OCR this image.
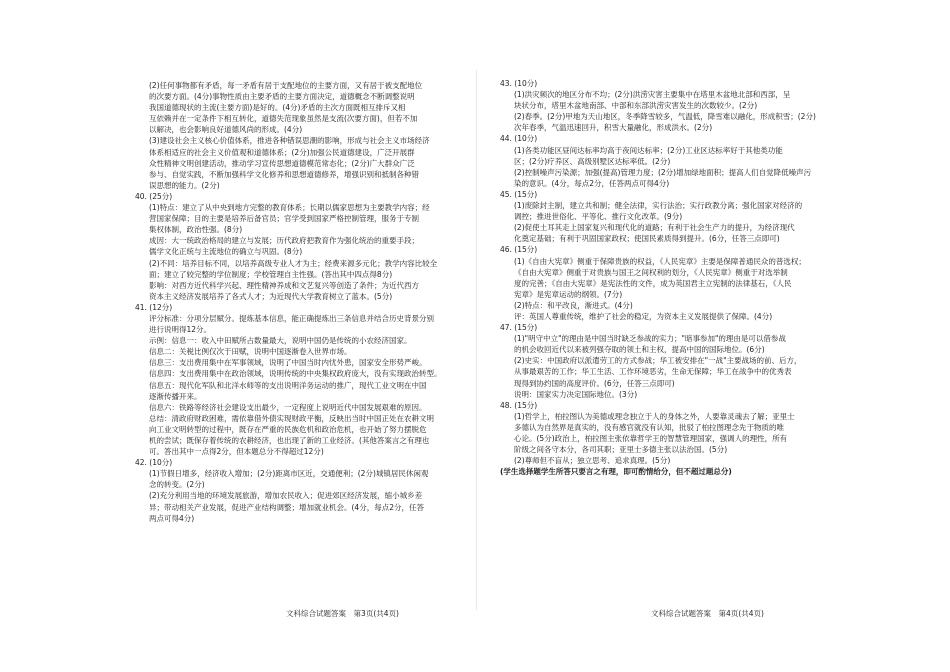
(2)任何事物都有矛盾，每一矛盾有居于支配地位的主要方面，又有居于被支配地位
的次要方面。(4分)事物性质由主要矛盾的主要方面决定，道德概念不断调整说明
我国道德现状的主流(主要方面)是好的。(4分)矛盾的主次方面既相互排斥又相
互依赖并在一定条件下相互转化，道德失范现象虽然是支流(次要方面)，但若不加
以解决，也会影响良好道德风尚的形成。(4分)
(3)建设社会主义核心价值体系，推进各种错误思潮的影响，形成与社会主义市场经济
体系相适应的社会主义价值观和道德体系；(2分)加强公民道德建设，广泛开展群
众性精神文明创建活动，推动学习宣传思想道德模范常态化；(2分)广大群众广泛
参与、自觉实践，不断加强科学文化修养和思想道德修养，增强识别和抵制各种错
误思想的能力。(2分)
40. (25分)
(1)特点：建立了从中央到地方完整的教育体系；长期以儒家思想为主要教学内容；经
营国家保障；目的主要是培养后备官员；官学受到国家严格控制管理，服务于专制
集权体制，政治性强。(8分)
成因：大一统政治格局的建立与发展；历代政府把教育作为强化统治的重要手段；
儒学文化正统与主流地位的确立与巩固。(8分)
(2)不同：培养目标不同，以培养高级专业人才为主；经费来源多元化；教学内容比较全
面；建立了较完整的学位制度；学校管理自主性强。(答出其中四点得8分)
影响：对西方近代科学兴起、理性精神养成和文艺复兴等创造了条件；为近代西方
资本主义经济发展培养了各式人才；为近现代大学教育树立了蓝本。(5分)
41. (12分)
评分标准：分项分层赋分。提炼基本信息，能正确提炼出三条信息并结合历史背景分别
进行说明得12分。
示例：信息一：收入中田赋所占数量最大，说明中国仍是传统的小农经济国家。
信息二：关税比例仅次于田赋，说明中国逐渐卷入世界市场。
信息三：支出费用集中在军事领域，说明了中国当时内忧外患，国家安全形势严峻。
信息四：支出费用集中在政治领域，说明传统的中央集权政府庞大，没有实现政治转型。
信息五：现代化军队和北洋水师等的支出说明洋务运动的推广，现代工业文明在中国
逐渐传播开来。
信息六：铁路等经济社会建设支出最少，一定程度上说明近代中国发展艰难的原因。
总结：清政府财政困难，需依靠借外债实现财政平衡，反映出当时中国正处在农耕文明
向工业文明转型的过程中，既存在严重的民族危机和政治危机，也开始了努力摆脱危
机的尝试；既保存着传统的农耕经济，也出现了新的工业经济。(其他答案言之有理也
可。答出其中一点得2分，但本题总分不得超过12分)
42. (10分)
(1)节假日增多，经济收入增加；(2分)距离市区近，交通便利；(2分)城镇居民休闲观
念的转变。(2分)
(2)充分利用当地的环境发展旅游，增加农民收入；促进郊区经济发展，缩小城乡差
异；带动相关产业发展，促进产业结构调整；增加就业机会。(4分，每点2分，任答
两点可得4分)
43. (10分)
(1)洪灾频次的地区分布不均；(2分)洪涝灾害主要集中在塔里木盆地北部和西部，呈
块状分布，塔里木盆地南部、中部和东部洪涝灾害发生的次数较少。(2分)
(2)春季。(2分)甲地为天山地区，冬季降雪较多，气温低，降雪难以融化，形成积雪；(2分)
次年春季，气温迅速回升，积雪大量融化，形成洪水。(2分)
44. (10分)
(1)各类功能区昼间达标率均高于夜间达标率；(2分)工业区达标率好于其他类功能
区；(2分)疗养区、高级别墅区达标率低。(2分)
(2)控制噪声污染源；加强(提高)管理力度；(2分)增加绿地面积；提高人们自觉降低噪声污
染的意识。(4分，每点2分，任答两点可得4分)
45. (15分)
(1)废除封主制，建立共和制；健全法律，实行法治；实行政教分离；强化国家对经济的
调控；推进世俗化、平等化、推行文化改革。(9分)
(2)促使土耳其走上国家复兴和现代化的道路；有利于社会生产力的提升，为经济现代
化奠定基础；有利于巩固国家政权；使国民素质得到提升。(6分，任答三点即可)
46. (15分)
(1)《自由大宪章》侧重于保障贵族的权益，《人民宪章》主要是保障普通民众的普选权；
《自由大宪章》侧重于对贵族与国王之间权利的划分，《人民宪章》侧重于对选举制
度的完善；《自由大宪章》是宪法性的文件，成为英国君主立宪制的法律基石，《人民
宪章》是宪章运动的纲领。(7分)
(2)特点：和平改良，渐进式。(4分)
评：英国人尊重传统，维护了社会的稳定，为资本主义发展提供了保障。(4分)
47. (15分)
(1)"明守中立"的理由是中国当时缺乏参战的实力；"暗事参加"的理由是可以借参战
的机会收回近代以来被列强夺取的领土和主权，提高中国的国际地位。(6分)
(2)史实：中国政府以派遣劳工的方式参战；华工被安排在"一战"主要战场的前、后方，
从事最艰苦的工作；华工生活、工作环境恶劣，生命无保障；华工在战争中的优秀表
现得到协约国的高度评价。(6分，任答三点即可)
说明：国家实力决定国际地位。(3分)
48. (15分)
(1)哲学上，柏拉图认为美德或理念独立于人的身体之外，人要靠灵魂去了解；亚里士
多德认为自然界是真实的，没有感官就没有认知，批驳了柏拉图理念先于物质的唯
心论。(5分)政治上，柏拉图主张依靠哲学王的智慧管理国家，强调人的理性，所有
阶级之间各守本分，各司其职；亚里士多德主张以法治国。(5分)
(2)尊师但不盲从；独立思考、追求真理。(5分)
(学生选择题学生所答只要言之有理，即可酌情给分，但不超过题总分)
文科综合试题答案　第3页(共4页)	文科综合试题答案　第4页(共4页)
